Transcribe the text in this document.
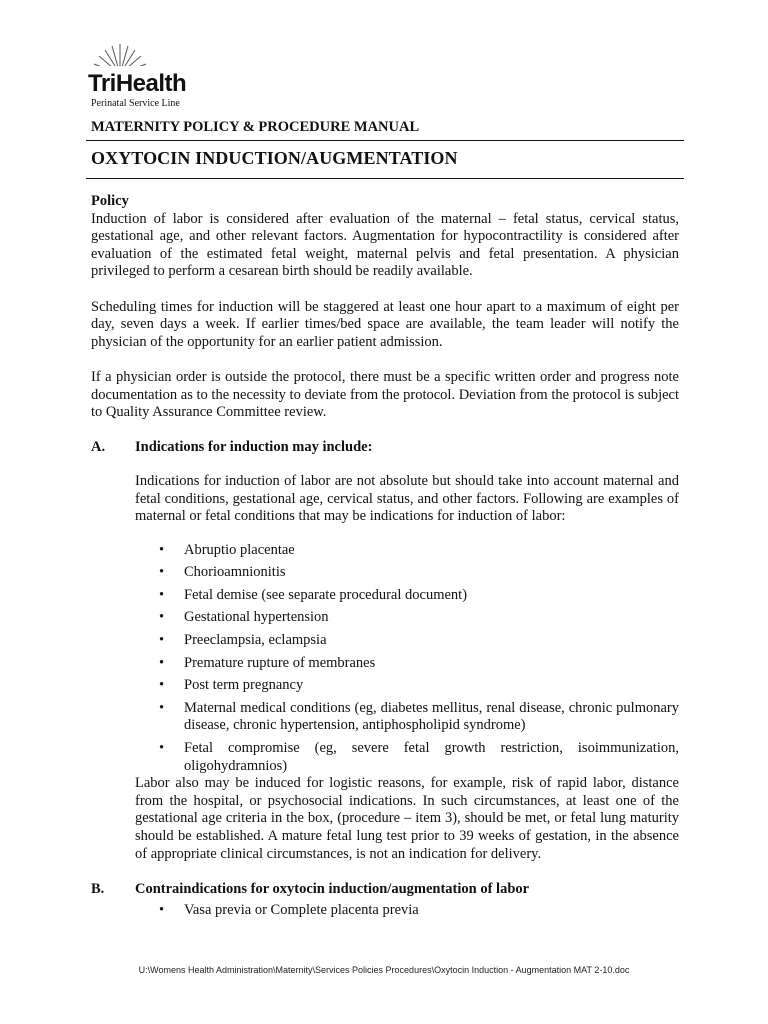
TriHealth
Perinatal Service Line
MATERNITY POLICY & PROCEDURE MANUAL
OXYTOCIN INDUCTION/AUGMENTATION
Policy

Induction of labor is considered after evaluation of the maternal – fetal status, cervical status, gestational age, and other relevant factors. Augmentation for hypocontractility is considered after evaluation of the estimated fetal weight, maternal pelvis and fetal presentation. A physician privileged to perform a cesarean birth should be readily available.

Scheduling times for induction will be staggered at least one hour apart to a maximum of eight per day, seven days a week. If earlier times/bed space are available, the team leader will notify the physician of the opportunity for an earlier patient admission.

If a physician order is outside the protocol, there must be a specific written order and progress note documentation as to the necessity to deviate from the protocol. Deviation from the protocol is subject to Quality Assurance Committee review.

A.	Indications for induction may include:

Indications for induction of labor are not absolute but should take into account maternal and fetal conditions, gestational age, cervical status, and other factors. Following are examples of maternal or fetal conditions that may be indications for induction of labor:

•	Abruptio placentae
•	Chorioamnionitis
•	Fetal demise (see separate procedural document)
•	Gestational hypertension
•	Preeclampsia, eclampsia
•	Premature rupture of membranes
•	Post term pregnancy
•	Maternal medical conditions (eg, diabetes mellitus, renal disease, chronic pulmonary disease, chronic hypertension, antiphospholipid syndrome)
•	Fetal compromise (eg, severe fetal growth restriction, isoimmunization, oligohydramnios)

Labor also may be induced for logistic reasons, for example, risk of rapid labor, distance from the hospital, or psychosocial indications. In such circumstances, at least one of the gestational age criteria in the box, (procedure – item 3), should be met, or fetal lung maturity should be established. A mature fetal lung test prior to 39 weeks of gestation, in the absence of appropriate clinical circumstances, is not an indication for delivery.

B.	Contraindications for oxytocin induction/augmentation of labor
•	Vasa previa or Complete placenta previa
U:\Womens Health Administration\Maternity\Services Policies Procedures\Oxytocin Induction - Augmentation MAT 2-10.doc
